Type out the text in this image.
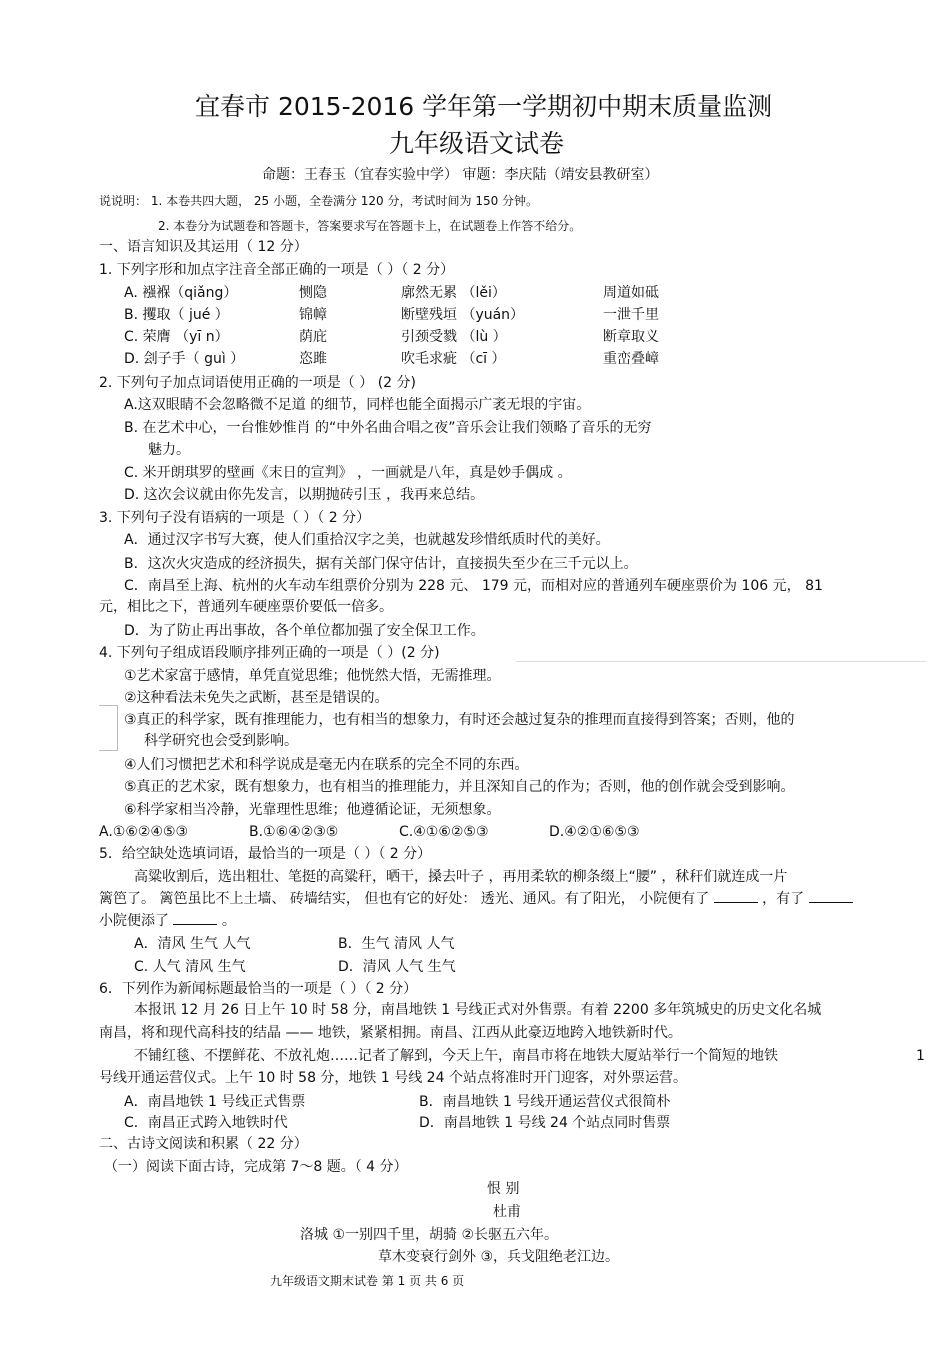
宜春市 2015-2016 学年第一学期初中期末质量监测
九年级语文试卷
命题：王春玉（宜春实验中学） 审题：李庆陆（靖安县教研室）
说说明： 1. 本卷共四大题， 25 小题，全卷满分 120 分，考试时间为 150 分钟。
2. 本卷分为试题卷和答题卡，答案要求写在答题卡上，在试题卷上作答不给分。
一、语言知识及其运用（ 12 分）
1. 下列字形和加点字注音全部正确的一项是（ ）（ 2 分）
A. 襁褓（qiǎng）	恻隐	廓然无累 （lěi）	周道如砥
B. 攫取（ jué ）	锦幛	断壁残垣 （yuán）	一泄千里
C. 荣膺 （yī n）	荫庇	引颈受戮 （lù ）	断章取义
D. 刽子手（ guì ）	恣雎	吹毛求疵 （cī ）	重峦叠嶂
2. 下列句子加点词语使用正确的一项是（ ） (2 分)
A.这双眼睛不会忽略微不足道 的细节，同样也能全面揭示广袤无垠的宇宙。
B. 在艺术中心，一台惟妙惟肖 的“中外名曲合唱之夜”音乐会让我们领略了音乐的无穷
魅力。
C. 米开朗琪罗的壁画《末日的宣判》 ，一画就是八年，真是妙手偶成 。
D. 这次会议就由你先发言，以期抛砖引玉 ，我再来总结。
3. 下列句子没有语病的一项是（ ）（ 2 分）
A．通过汉字书写大赛，使人们重拾汉字之美，也就越发珍惜纸质时代的美好。
B．这次火灾造成的经济损失，据有关部门保守估计，直接损失至少在三千元以上。
C．南昌至上海、杭州的火车动车组票价分别为 228 元、 179 元，而相对应的普通列车硬座票价为 106 元， 81
元，相比之下，普通列车硬座票价要低一倍多。
D．为了防止再出事故，各个单位都加强了安全保卫工作。
4. 下列句子组成语段顺序排列正确的一项是（ ）(2 分)
①艺术家富于感情，单凭直觉思维；他恍然大悟，无需推理。
②这种看法未免失之武断，甚至是错误的。
③真正的科学家，既有推理能力，也有相当的想象力，有时还会越过复杂的推理而直接得到答案；否则，他的
科学研究也会受到影响。
④人们习惯把艺术和科学说成是毫无内在联系的完全不同的东西。
⑤真正的艺术家，既有想象力，也有相当的推理能力，并且深知自己的作为；否则，他的创作就会受到影响。
⑥科学家相当冷静，光靠理性思维；他遵循论证，无须想象。
A.①⑥②④⑤③	B.①⑥④②③⑤	C.④①⑥②⑤③	D.④②①⑥⑤③
5．给空缺处选填词语，最恰当的一项是（ ）（ 2 分）
高粱收割后，选出粗壮、笔挺的高粱秆，晒干，搡去叶子 ，再用柔软的柳条缀上“腰” ，秫秆们就连成一片
篱笆了。 篱笆虽比不上土墙、 砖墙结实， 但也有它的好处： 透光、通风。有了阳光， 小院便有了	，有了
小院便添了	。
A．清风 生气 人气	B．生气 清风 人气
C. 人气 清风 生气	D．清风 人气 生气
6．下列作为新闻标题最恰当的一项是（ ）（ 2 分）
本报讯 12 月 26 日上午 10 时 58 分，南昌地铁 1 号线正式对外售票。有着 2200 多年筑城史的历史文化名城
南昌，将和现代高科技的结晶 —— 地铁，紧紧相拥。南昌、江西从此豪迈地跨入地铁新时代。
不铺红毯、不摆鲜花、不放礼炮……记者了解到，今天上午，南昌市将在地铁大厦站举行一个简短的地铁	1
号线开通运营仪式。上午 10 时 58 分，地铁 1 号线 24 个站点将准时开门迎客，对外票运营。
A．南昌地铁 1 号线正式售票	B．南昌地铁 1 号线开通运营仪式很简朴
C．南昌正式跨入地铁时代	D．南昌地铁 1 号线 24 个站点同时售票
二、古诗文阅读和积累（ 22 分）
（一）阅读下面古诗，完成第 7～8 题。（ 4 分）
恨 别
杜甫
洛城 ①一别四千里，胡骑 ②长驱五六年。
草木变衰行剑外 ③，兵戈阻绝老江边。
九年级语文期末试卷 第 1 页 共 6 页
